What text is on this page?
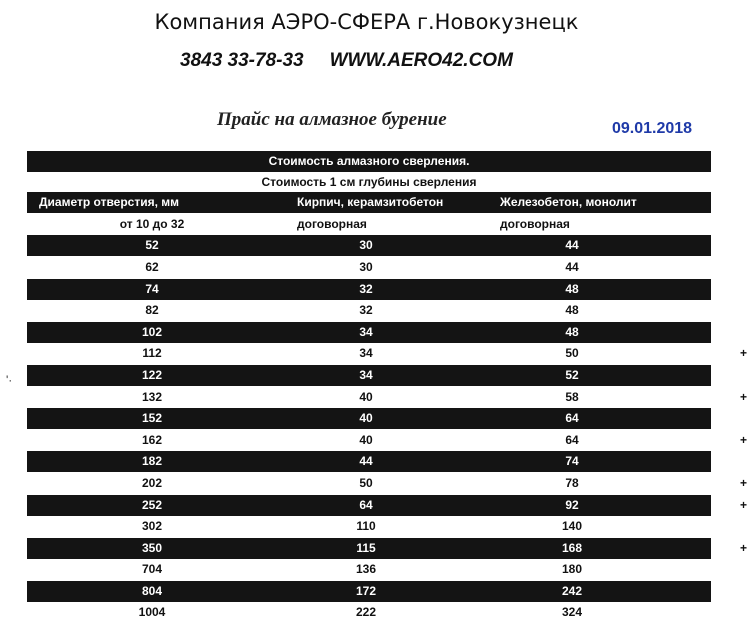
Компания АЭРО-СФЕРА г.Новокузнецк
3843 33-78-33 WWW.AERO42.COM
Прайс на алмазное бурение	09.01.2018
'·
Стоимость алмазного сверления.
Стоимость 1 см глубины сверления
Диаметр отверстия, мм	Кирпич, керамзитобетон	Железобетон, монолит
от 10 до 32	договорная	договорная
52	30	44
62	30	44
74	32	48
82	32	48
102	34	48
112	34	50	+
122	34	52
132	40	58	+
152	40	64
162	40	64	+
182	44	74
202	50	78	+
252	64	92	+
302	110	140
350	115	168	+
704	136	180
804	172	242
1004	222	324
